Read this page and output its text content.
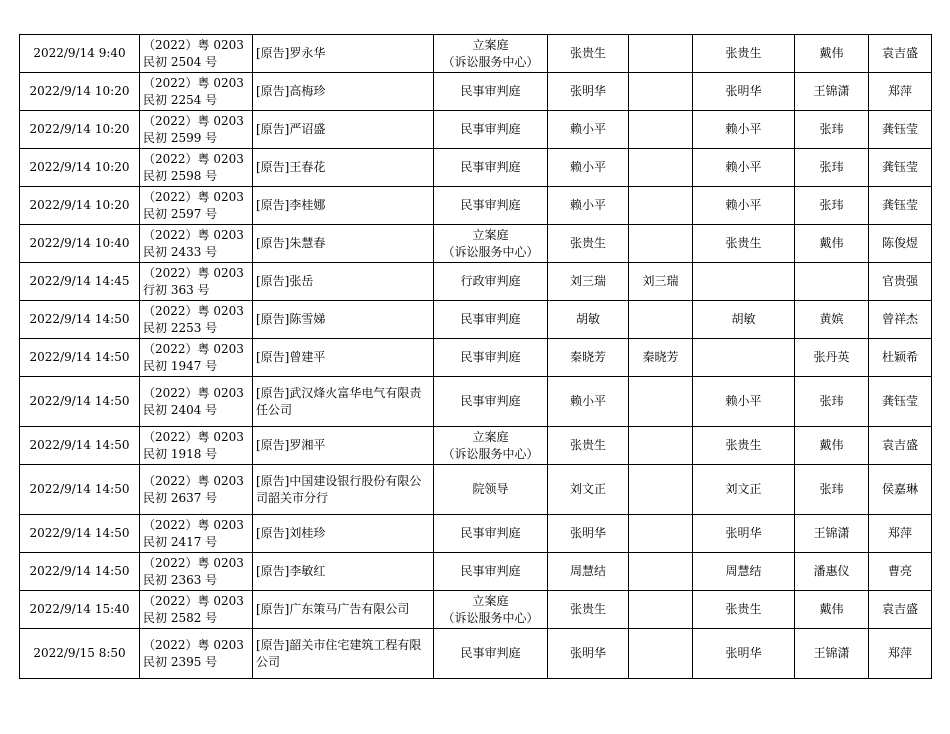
2022/9/14 9:40	（2022）粤 0203
民初 2504 号	[原告]罗永华	立案庭
（诉讼服务中心）	张贵生		张贵生	戴伟	袁吉盛
2022/9/14 10:20	（2022）粤 0203
民初 2254 号	[原告]高梅珍	民事审判庭	张明华		张明华	王锦潇	郑萍
2022/9/14 10:20	（2022）粤 0203
民初 2599 号	[原告]严诏盛	民事审判庭	赖小平		赖小平	张玮	龚钰莹
2022/9/14 10:20	（2022）粤 0203
民初 2598 号	[原告]王春花	民事审判庭	赖小平		赖小平	张玮	龚钰莹
2022/9/14 10:20	（2022）粤 0203
民初 2597 号	[原告]李桂娜	民事审判庭	赖小平		赖小平	张玮	龚钰莹
2022/9/14 10:40	（2022）粤 0203
民初 2433 号	[原告]朱慧春	立案庭
（诉讼服务中心）	张贵生		张贵生	戴伟	陈俊煜
2022/9/14 14:45	（2022）粤 0203
行初 363 号	[原告]张岳	行政审判庭	刘三瑞	刘三瑞			官贵强
2022/9/14 14:50	（2022）粤 0203
民初 2253 号	[原告]陈雪娣	民事审判庭	胡敏		胡敏	黄嫔	曾祥杰
2022/9/14 14:50	（2022）粤 0203
民初 1947 号	[原告]曾建平	民事审判庭	秦晓芳	秦晓芳		张丹英	杜颖希
2022/9/14 14:50	（2022）粤 0203
民初 2404 号	[原告]武汉烽火富华电气有限责任公司	民事审判庭	赖小平		赖小平	张玮	龚钰莹
2022/9/14 14:50	（2022）粤 0203
民初 1918 号	[原告]罗湘平	立案庭
（诉讼服务中心）	张贵生		张贵生	戴伟	袁吉盛
2022/9/14 14:50	（2022）粤 0203
民初 2637 号	[原告]中国建设银行股份有限公司韶关市分行	院领导	刘文正		刘文正	张玮	侯嘉琳
2022/9/14 14:50	（2022）粤 0203
民初 2417 号	[原告]刘桂珍	民事审判庭	张明华		张明华	王锦潇	郑萍
2022/9/14 14:50	（2022）粤 0203
民初 2363 号	[原告]李敏红	民事审判庭	周慧结		周慧结	潘惠仪	曹亮
2022/9/14 15:40	（2022）粤 0203
民初 2582 号	[原告]广东策马广告有限公司	立案庭
（诉讼服务中心）	张贵生		张贵生	戴伟	袁吉盛
2022/9/15 8:50	（2022）粤 0203
民初 2395 号	[原告]韶关市住宅建筑工程有限公司	民事审判庭	张明华		张明华	王锦潇	郑萍
